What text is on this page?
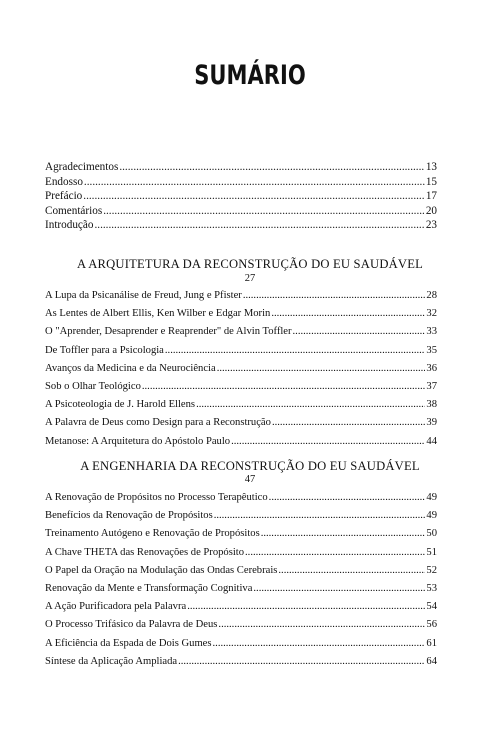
SUMÁRIO
Agradecimentos .....	13
Endosso .....	15
Prefácio .....	17
Comentários .....	20
Introdução .....	23
A ARQUITETURA DA RECONSTRUÇÃO DO EU SAUDÁVEL
27
A Lupa da Psicanálise de Freud, Jung e Pfister .....	28
As Lentes de Albert Ellis, Ken Wilber e Edgar Morin .....	32
O "Aprender, Desaprender e Reaprender" de Alvin Toffler .....	33
De Toffler para a Psicologia .....	35
Avanços da Medicina e da Neurociência .....	36
Sob o Olhar Teológico .....	37
A Psicoteologia de J. Harold Ellens .....	38
A Palavra de Deus como Design para a Reconstrução .....	39
Metanose: A Arquitetura do Apóstolo Paulo .....	44
A ENGENHARIA DA RECONSTRUÇÃO DO EU SAUDÁVEL
47
A Renovação de Propósitos no Processo Terapêutico .....	49
Benefícios da Renovação de Propósitos .....	49
Treinamento Autógeno e Renovação de Propósitos .....	50
A Chave THETA das Renovações de Propósito .....	51
O Papel da Oração na Modulação das Ondas Cerebrais .....	52
Renovação da Mente e Transformação Cognitiva .....	53
A Ação Purificadora pela Palavra .....	54
O Processo Trifásico da Palavra de Deus .....	56
A Eficiência da Espada de Dois Gumes .....	61
Síntese da Aplicação Ampliada .....	64
